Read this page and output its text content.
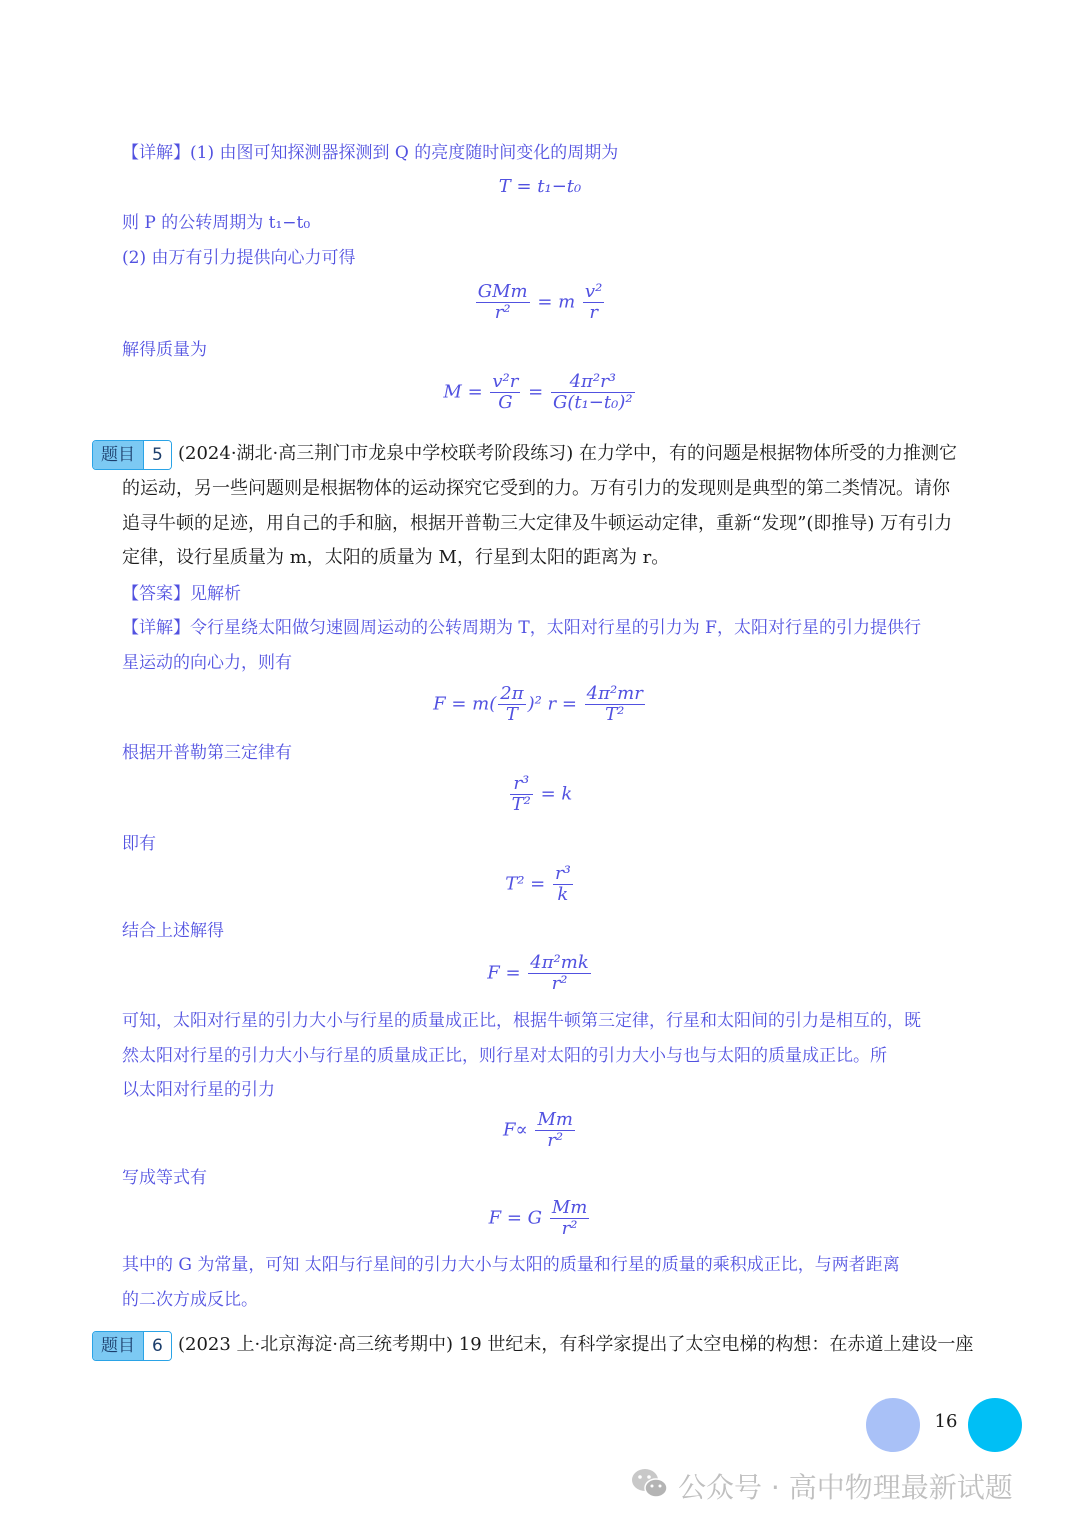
【详解】(1) 由图可知探测器探测到 Q 的亮度随时间变化的周期为
T = t₁−t₀
则 P 的公转周期为 t₁−t₀
(2) 由万有引力提供向心力可得
$\frac{\text{GMm}}{\text{r²}} = m \frac{\text{v²}}{r}$
解得质量为
$M = \frac{\text{v²r}}{G} = \frac{\text{4π²r³}}{\text{G(t₁−t₀)²}}$
题目	5 (2024·湖北·高三荆门市龙泉中学校联考阶段练习) 在力学中，有的问题是根据物体所受的力推测它
的运动，另一些问题则是根据物体的运动探究它受到的力。万有引力的发现则是典型的第二类情况。请你
追寻牛顿的足迹，用自己的手和脑，根据开普勒三大定律及牛顿运动定律，重新“发现”(即推导) 万有引力
定律，设行星质量为 m，太阳的质量为 M，行星到太阳的距离为 r。
【答案】见解析
【详解】令行星绕太阳做匀速圆周运动的公转周期为 T，太阳对行星的引力为 F，太阳对行星的引力提供行
星运动的向心力，则有
$F = m( \frac{2\pi}{T} )^2$ $r = \frac{\text{4π²mr}}{\text{T²}}$
根据开普勒第三定律有
$\frac{\text{r³}}{\text{T²}} = k$
即有
$T^2 = \frac{\text{r³}}{k}$
结合上述解得
$F = \frac{\text{4π²mk}}{\text{r²}}$
可知，太阳对行星的引力大小与行星的质量成正比，根据牛顿第三定律，行星和太阳间的引力是相互的，既
然太阳对行星的引力大小与行星的质量成正比，则行星对太阳的引力大小与也与太阳的质量成正比。所
以太阳对行星的引力
$F\propto \frac{Mm}{\text{r²}}$
写成等式有
F = G $\frac{Mm}{\text{r²}}$
其中的 G 为常量，可知 太阳与行星间的引力大小与太阳的质量和行星的质量的乘积成正比，与两者距离
的二次方成反比。
题目	6 (2023 上·北京海淀·高三统考期中) 19 世纪末，有科学家提出了太空电梯的构想：在赤道上建设一座
16
公众号 · 高中物理最新试题
